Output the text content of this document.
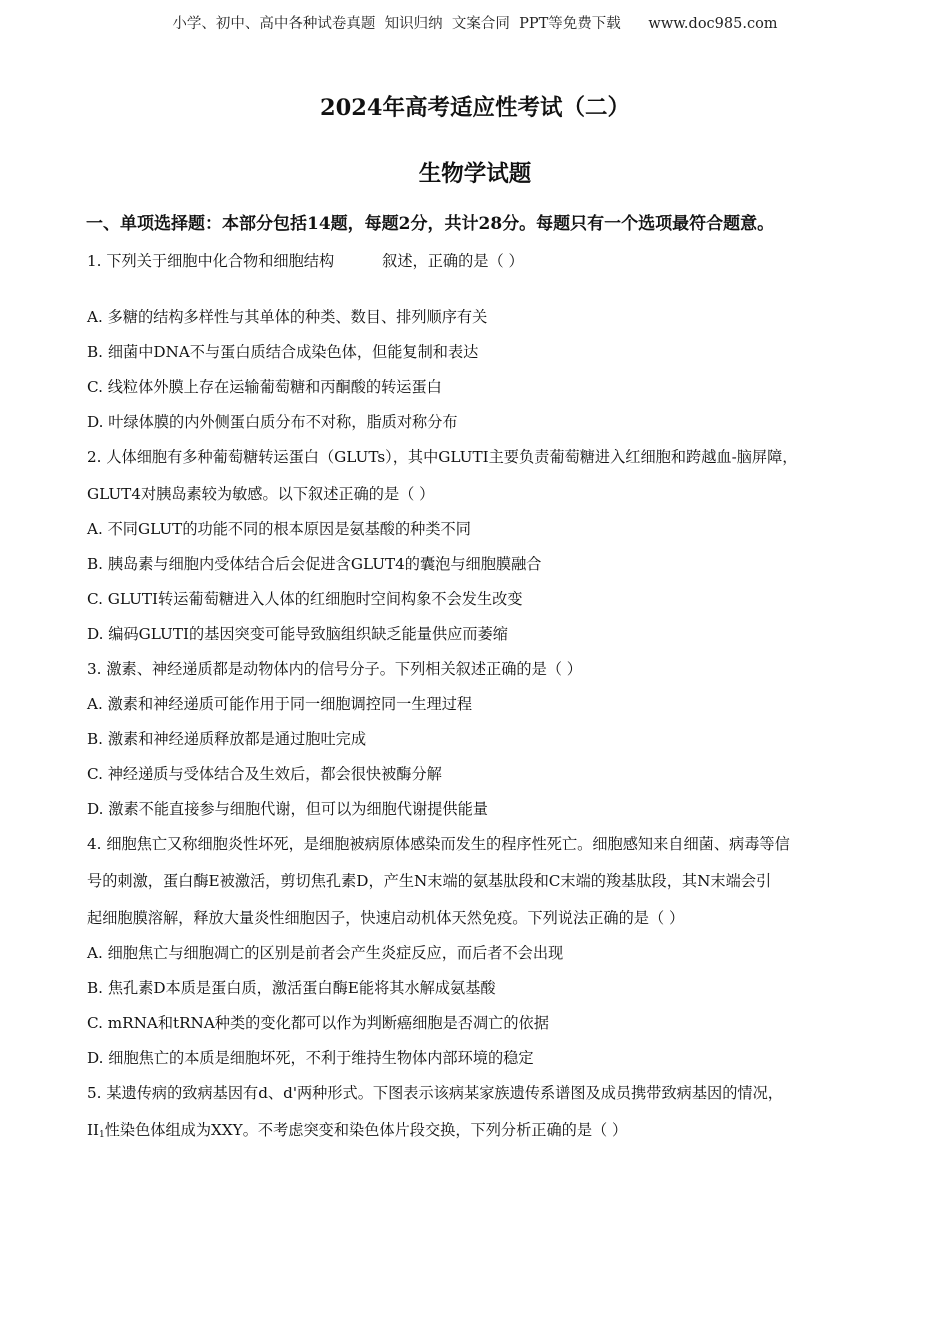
小学、初中、高中各种试卷真题  知识归纳  文案合同  PPT等免费下载      www.doc985.com
2024年高考适应性考试（二）
生物学试题
一、单项选择题：本部分包括14题，每题2分，共计28分。每题只有一个选项最符合题意。
1. 下列关于细胞中化合物和细胞结构	叙述，正确的是（ ）
A. 多糖的结构多样性与其单体的种类、数目、排列顺序有关
B. 细菌中DNA不与蛋白质结合成染色体，但能复制和表达
C. 线粒体外膜上存在运输葡萄糖和丙酮酸的转运蛋白
D. 叶绿体膜的内外侧蛋白质分布不对称，脂质对称分布
2. 人体细胞有多种葡萄糖转运蛋白（GLUTs），其中GLUTI主要负责葡萄糖进入红细胞和跨越血-脑屏障，
GLUT4对胰岛素较为敏感。以下叙述正确的是（ ）
A. 不同GLUT的功能不同的根本原因是氨基酸的种类不同
B. 胰岛素与细胞内受体结合后会促进含GLUT4的囊泡与细胞膜融合
C. GLUTI转运葡萄糖进入人体的红细胞时空间构象不会发生改变
D. 编码GLUTI的基因突变可能导致脑组织缺乏能量供应而萎缩
3. 激素、神经递质都是动物体内的信号分子。下列相关叙述正确的是（ ）
A. 激素和神经递质可能作用于同一细胞调控同一生理过程
B. 激素和神经递质释放都是通过胞吐完成
C. 神经递质与受体结合及生效后，都会很快被酶分解
D. 激素不能直接参与细胞代谢，但可以为细胞代谢提供能量
4. 细胞焦亡又称细胞炎性坏死，是细胞被病原体感染而发生的程序性死亡。细胞感知来自细菌、病毒等信
号的刺激，蛋白酶E被激活，剪切焦孔素D，产生N末端的氨基肽段和C末端的羧基肽段，其N末端会引
起细胞膜溶解，释放大量炎性细胞因子，快速启动机体天然免疫。下列说法正确的是（ ）
A. 细胞焦亡与细胞凋亡的区别是前者会产生炎症反应，而后者不会出现
B. 焦孔素D本质是蛋白质，激活蛋白酶E能将其水解成氨基酸
C. mRNA和tRNA种类的变化都可以作为判断癌细胞是否凋亡的依据
D. 细胞焦亡的本质是细胞坏死，不利于维持生物体内部环境的稳定
5. 某遗传病的致病基因有d、d'两种形式。下图表示该病某家族遗传系谱图及成员携带致病基因的情况，
$II_1$性染色体组成为XXY。不考虑突变和染色体片段交换，下列分析正确的是（ ）
